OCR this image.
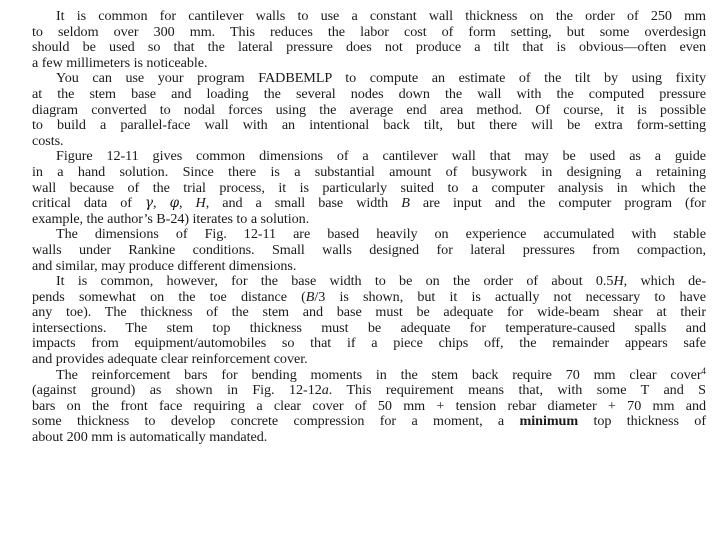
It is common for cantilever walls to use a constant wall thickness on the order of 250 mm
to seldom over 300 mm. This reduces the labor cost of form setting, but some overdesign
should be used so that the lateral pressure does not produce a tilt that is obvious—often even
a few millimeters is noticeable.

You can use your program FADBEMLP to compute an estimate of the tilt by using fixity
at the stem base and loading the several nodes down the wall with the computed pressure
diagram converted to nodal forces using the average end area method. Of course, it is possible
to build a parallel-face wall with an intentional back tilt, but there will be extra form-setting
costs.

Figure 12-11 gives common dimensions of a cantilever wall that may be used as a guide
in a hand solution. Since there is a substantial amount of busywork in designing a retaining
wall because of the trial process, it is particularly suited to a computer analysis in which the
critical data of γ, φ, H, and a small base width B are input and the computer program (for
example, the author’s B-24) iterates to a solution.

The dimensions of Fig. 12-11 are based heavily on experience accumulated with stable
walls under Rankine conditions. Small walls designed for lateral pressures from compaction,
and similar, may produce different dimensions.

It is common, however, for the base width to be on the order of about 0.5H, which de-
pends somewhat on the toe distance (B/3 is shown, but it is actually not necessary to have
any toe). The thickness of the stem and base must be adequate for wide-beam shear at their
intersections. The stem top thickness must be adequate for temperature-caused spalls and
impacts from equipment/automobiles so that if a piece chips off, the remainder appears safe
and provides adequate clear reinforcement cover.

The reinforcement bars for bending moments in the stem back require 70 mm clear cover$^4$
(against ground) as shown in Fig. 12-12a. This requirement means that, with some T and S
bars on the front face requiring a clear cover of 50 mm + tension rebar diameter + 70 mm and
some thickness to develop concrete compression for a moment, a minimum top thickness of
about 200 mm is automatically mandated.
